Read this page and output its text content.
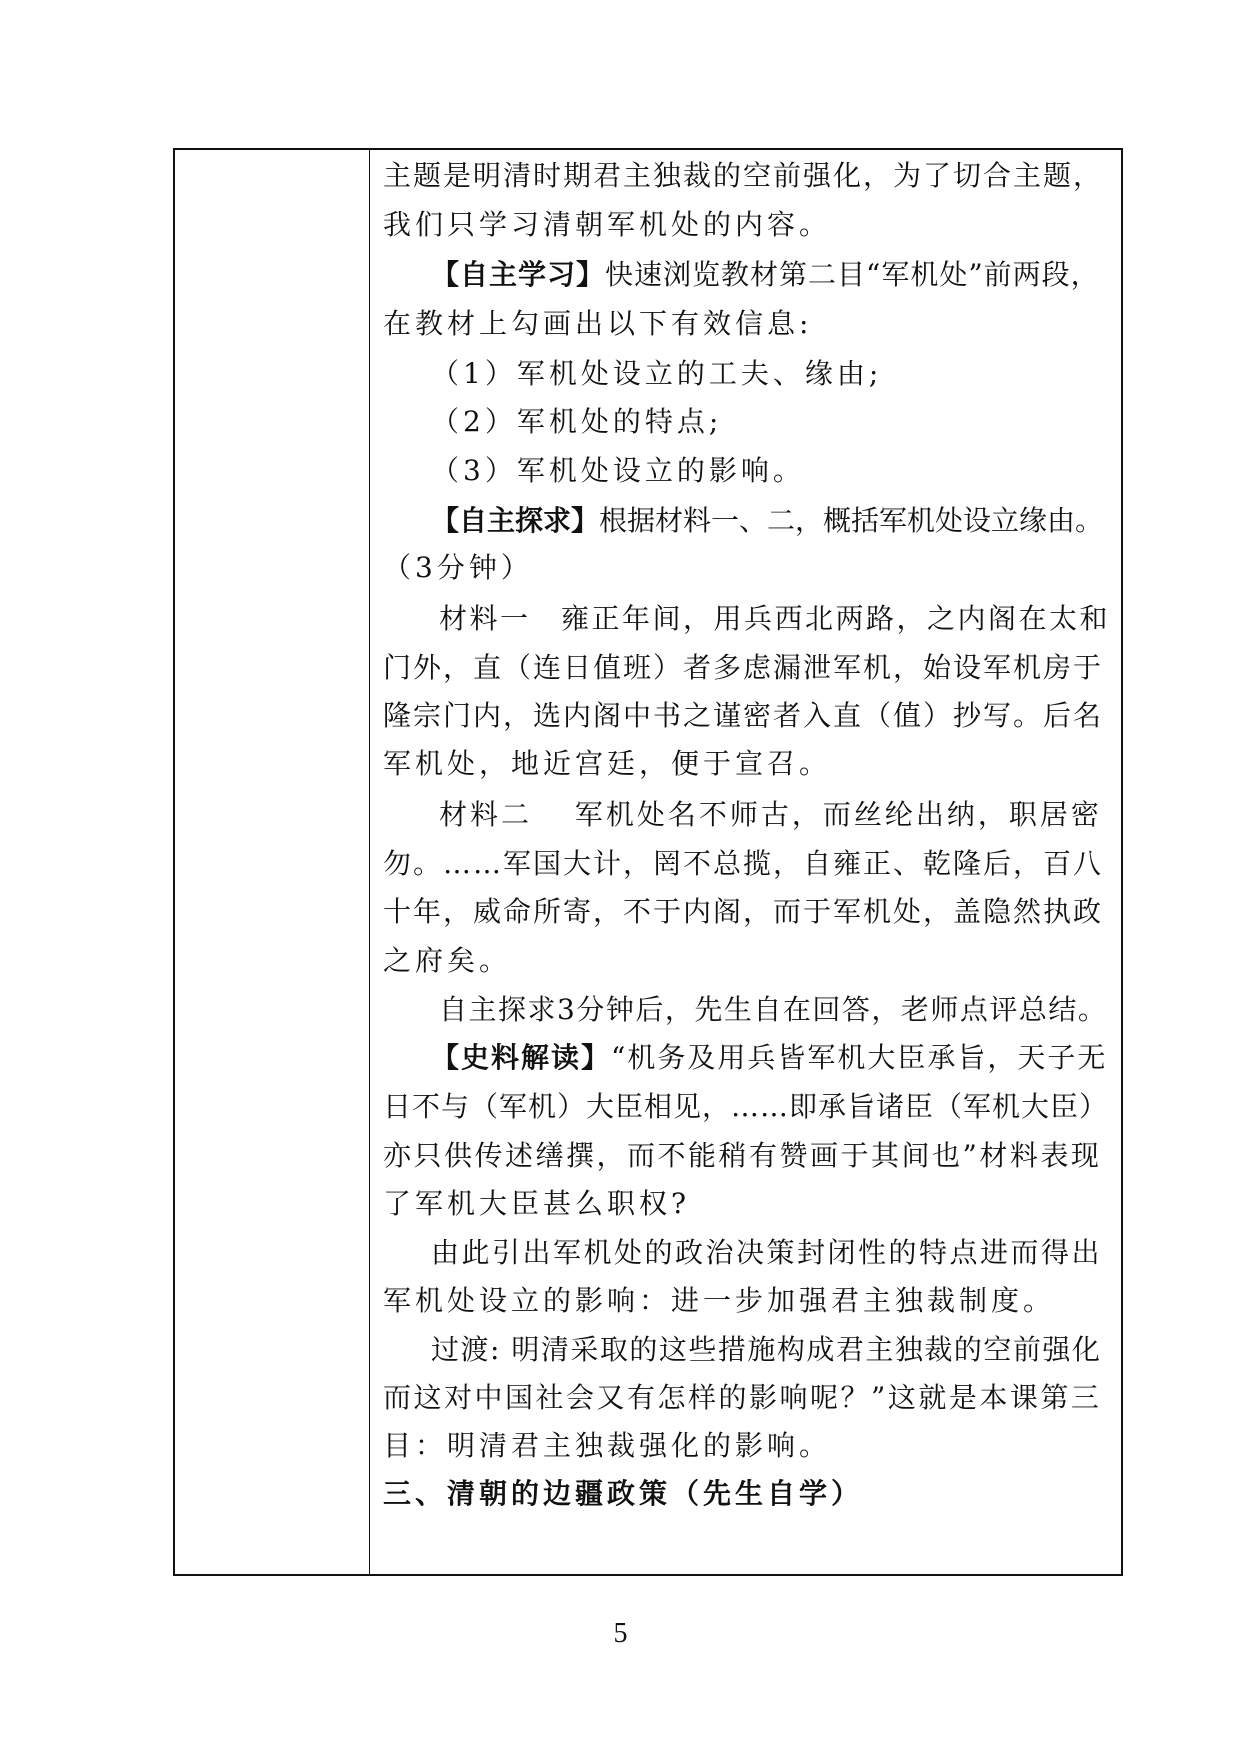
主题是明清时期君主独裁的空前强化，为了切合主题，
我们只学习清朝军机处的内容。
【自主学习】快速浏览教材第二目“军机处”前两段，
在教材上勾画出以下有效信息:
（1）军机处设立的工夫、缘由;
（2）军机处的特点;
（3）军机处设立的影响。
【自主探求】根据材料一、二，概括军机处设立缘由。
（3分钟）
材料一　雍正年间，用兵西北两路，之内阁在太和
门外，直（连日值班）者多虑漏泄军机，始设军机房于
隆宗门内，选内阁中书之谨密者入直（值）抄写。后名
军机处，地近宫廷，便于宣召。
材料二　 军机处名不师古，而丝纶出纳，职居密
勿。……军国大计，罔不总揽，自雍正、乾隆后，百八
十年，威命所寄，不于内阁，而于军机处，盖隐然执政
之府矣。
自主探求3分钟后，先生自在回答，老师点评总结。
【史料解读】“机务及用兵皆军机大臣承旨，天子无
日不与（军机）大臣相见，……即承旨诸臣（军机大臣）
亦只供传述缮撰，而不能稍有赞画于其间也”材料表现
了军机大臣甚么职权?
由此引出军机处的政治决策封闭性的特点进而得出
军机处设立的影响：进一步加强君主独裁制度。
过渡: 明清采取的这些措施构成君主独裁的空前强化
而这对中国社会又有怎样的影响呢？”这就是本课第三
目：明清君主独裁强化的影响。
三、清朝的边疆政策（先生自学）
5
